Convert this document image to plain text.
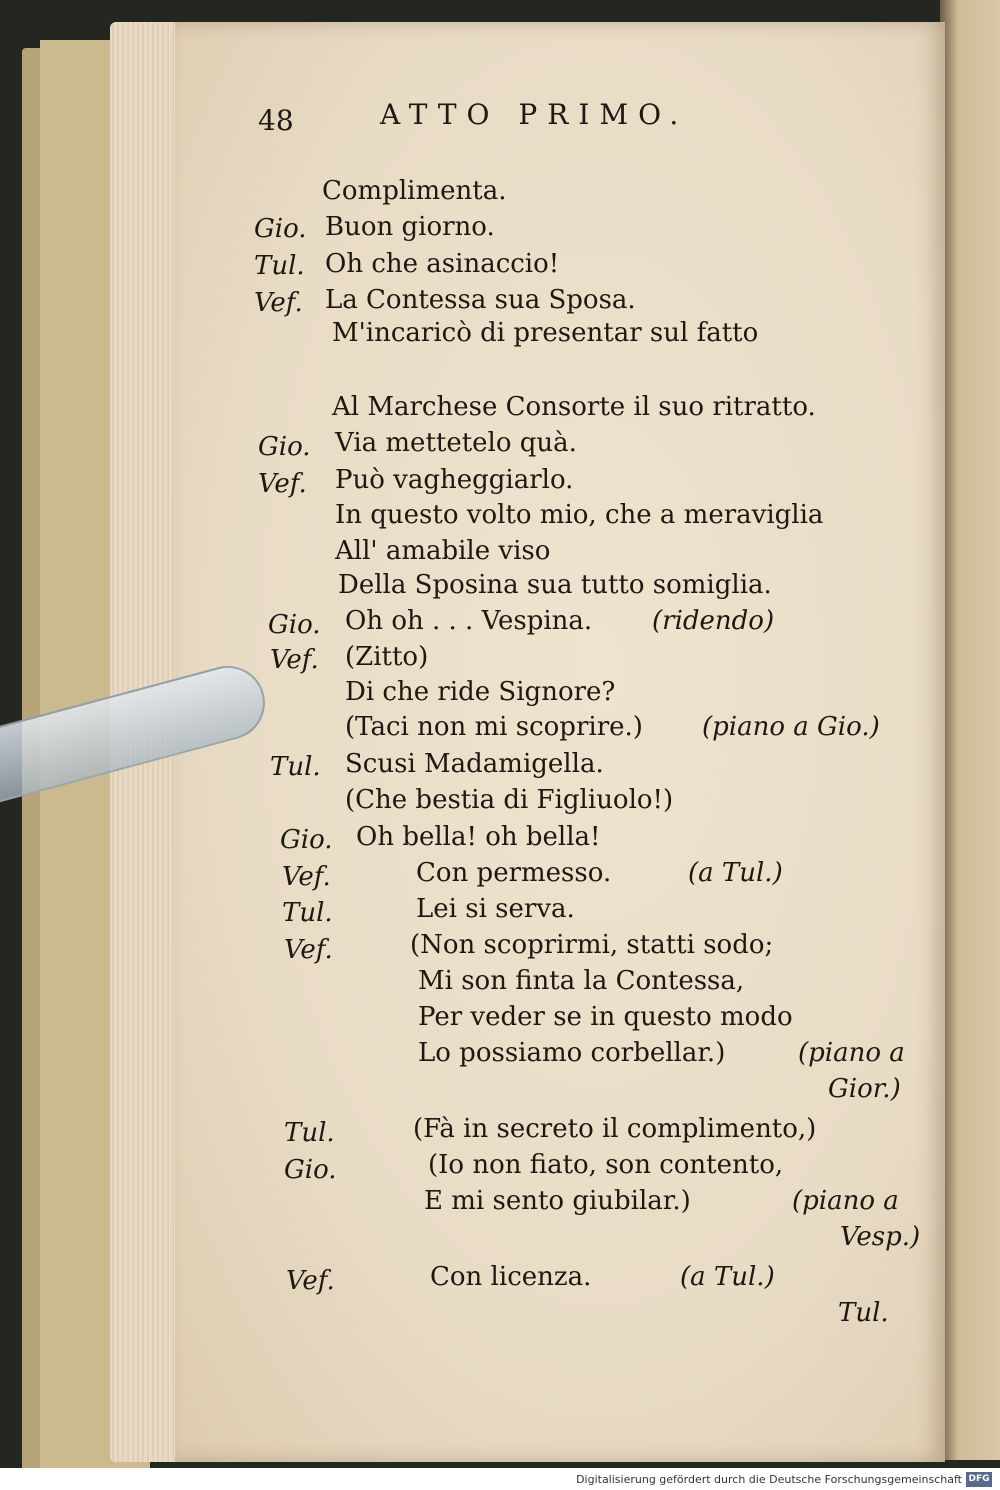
48	ATTO PRIMO.
Complimenta.
Gio. Buon giorno.
Tul. Oh che asinaccio!
Vef. La Contessa sua Sposa.
M'incaricò di presentar sul fatto
Al Marchese Consorte il suo ritratto.
Gio. Via mettetelo quà.
Vef. Può vagheggiarlo.
In questo volto mio, che a meraviglia
All' amabile viso
Della Sposina sua tutto somiglia.
Gio. Oh oh . . . Vespina. (ridendo)
Vef. (Zitto)
Di che ride Signore?
(Taci non mi scoprire.) (piano a Gio.)
Tul. Scusi Madamigella.
(Che bestia di Figliuolo!)
Gio. Oh bella! oh bella!
Vef.	Con permesso.	(a Tul.)
Tul.	Lei si serva.
Vef.	(Non scoprirmi, statti sodo;
Mi son finta la Contessa,
Per veder se in questo modo
Lo possiamo corbellar.)	(piano a
Gior.)
Tul.	(Fà in secreto il complimento,)
Gio.	(Io non fiato, son contento,
E mi sento giubilar.)	(piano a
Vesp.)
Vef.	Con licenza.	(a Tul.)
Tul.
Digitalisierung gefördert durch die Deutsche Forschungsgemeinschaft DFG
